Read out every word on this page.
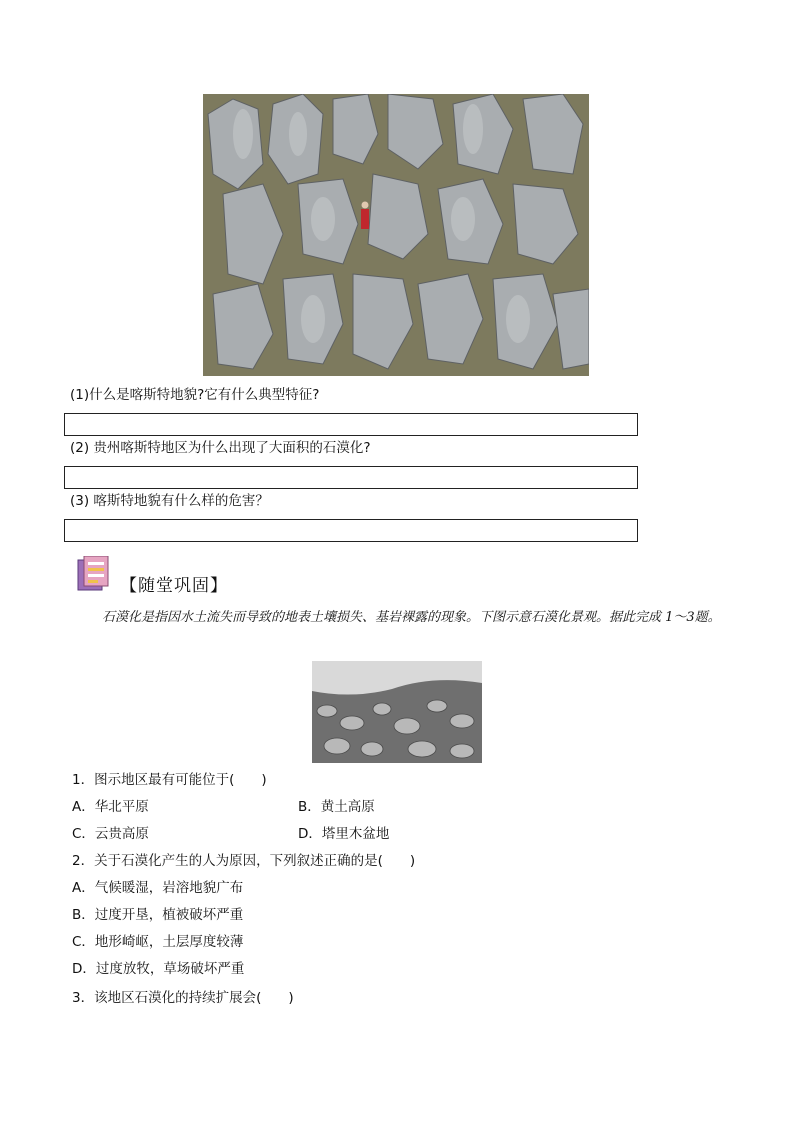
(1)什么是喀斯特地貌?它有什么典型特征?
(2) 贵州喀斯特地区为什么出现了大面积的石漠化?
(3) 喀斯特地貌有什么样的危害？
【随堂巩固】
石漠化是指因水土流失而导致的地表土壤损失、基岩裸露的现象。下图示意石漠化景观。据此完成 1～3题。
1．图示地区最有可能位于(　　)
A．华北平原	B．黄土高原
C．云贵高原	D．塔里木盆地
2．关于石漠化产生的人为原因，下列叙述正确的是(　　)
A．气候暖湿，岩溶地貌广布
B．过度开垦，植被破坏严重
C．地形崎岖，土层厚度较薄
D．过度放牧，草场破坏严重
3．该地区石漠化的持续扩展会(　　)
